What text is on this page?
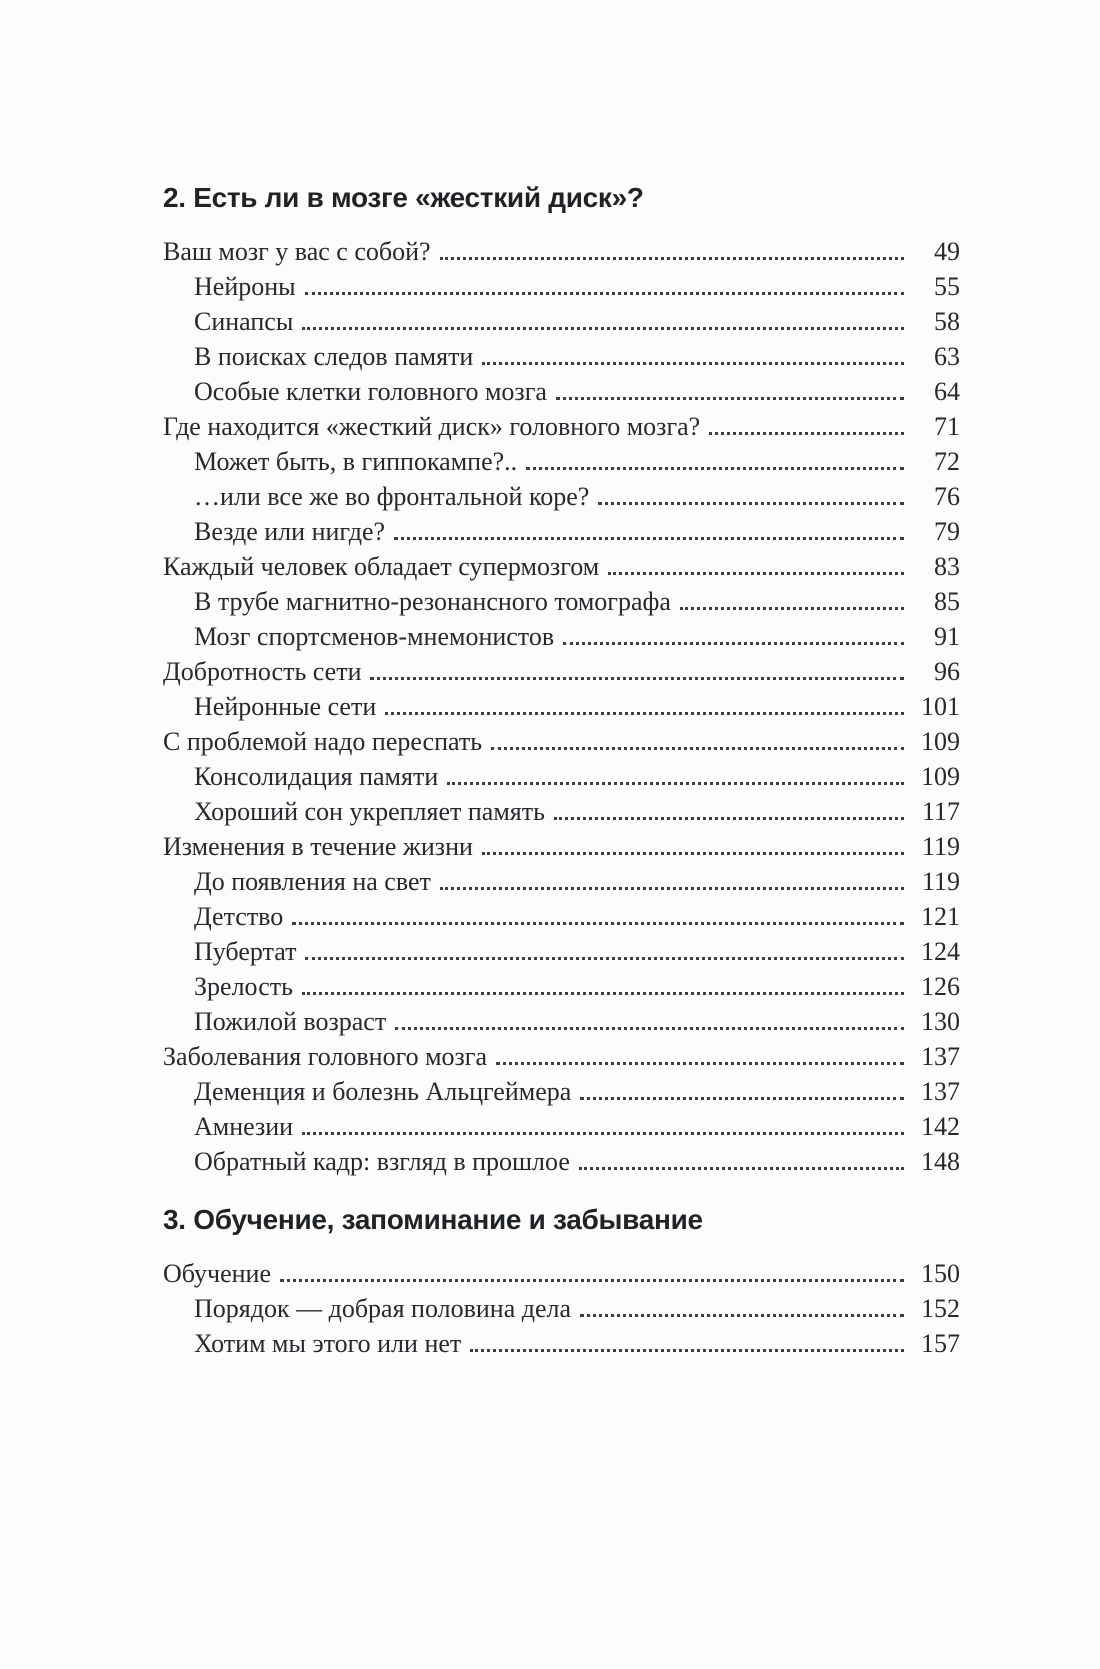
2. Есть ли в мозге «жесткий диск»?
Ваш мозг у вас с собой?	49
Нейроны	55
Синапсы	58
В поисках следов памяти	63
Особые клетки головного мозга	64
Где находится «жесткий диск» головного мозга?	71
Может быть, в гиппокампе?..	72
…или все же во фронтальной коре?	76
Везде или нигде?	79
Каждый человек обладает супермозгом	83
В трубе магнитно-резонансного томографа	85
Мозг спортсменов-мнемонистов	91
Добротность сети	96
Нейронные сети	101
С проблемой надо переспать	109
Консолидация памяти	109
Хороший сон укрепляет память	117
Изменения в течение жизни	119
До появления на свет	119
Детство	121
Пубертат	124
Зрелость	126
Пожилой возраст	130
Заболевания головного мозга	137
Деменция и болезнь Альцгеймера	137
Амнезии	142
Обратный кадр: взгляд в прошлое	148
3. Обучение, запоминание и забывание
Обучение	150
Порядок — добрая половина дела	152
Хотим мы этого или нет	157
